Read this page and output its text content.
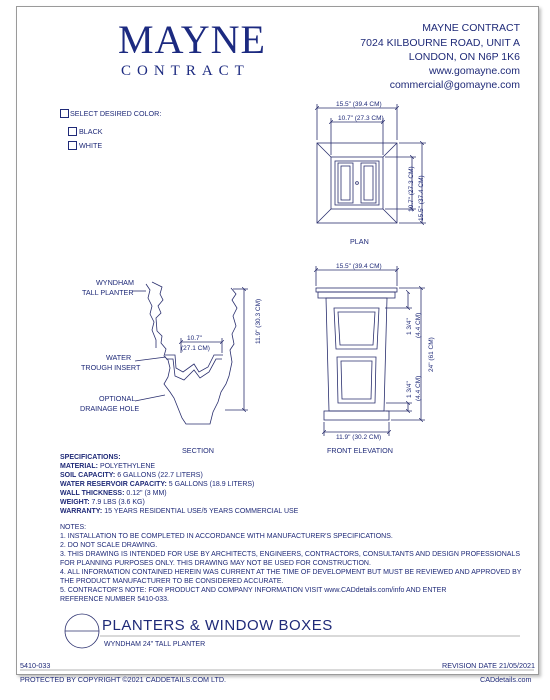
MAYNE
CONTRACT
MAYNE CONTRACT
7024 KILBOURNE ROAD, UNIT A
LONDON, ON N6P 1K6
www.gomayne.com
commercial@gomayne.com
SELECT DESIRED COLOR:
BLACK
WHITE
15.5" (39.4 CM)
10.7" (27.3 CM)
10.7" (27.3 CM) 15.5" (37.4 CM)
PLAN
WYNDHAM
TALL PLANTER
WATER
TROUGH INSERT
OPTIONAL
DRAINAGE HOLE
10.7"
(27.1 CM)
11.9" (30.3 CM)
SECTION
15.5" (39.4 CM)
11.9" (30.2 CM)
1 3/4" (4.4 CM)
1 3/4" (4.4 CM)
24" (61 CM)
FRONT ELEVATION
SPECIFICATIONS:
MATERIAL: POLYETHYLENE
SOIL CAPACITY: 6 GALLONS (22.7 LITERS)
WATER RESERVOIR CAPACITY: 5 GALLONS (18.9 LITERS)
WALL THICKNESS: 0.12" (3 MM)
WEIGHT: 7.9 LBS (3.6 KG)
WARRANTY: 15 YEARS RESIDENTIAL USE/5 YEARS COMMERCIAL USE
NOTES:
1. INSTALLATION TO BE COMPLETED IN ACCORDANCE WITH MANUFACTURER'S SPECIFICATIONS.
2. DO NOT SCALE DRAWING.
3. THIS DRAWING IS INTENDED FOR USE BY ARCHITECTS, ENGINEERS, CONTRACTORS, CONSULTANTS AND DESIGN PROFESSIONALS
FOR PLANNING PURPOSES ONLY. THIS DRAWING MAY NOT BE USED FOR CONSTRUCTION.
4. ALL INFORMATION CONTAINED HEREIN WAS CURRENT AT THE TIME OF DEVELOPMENT BUT MUST BE REVIEWED AND APPROVED BY
THE PRODUCT MANUFACTURER TO BE CONSIDERED ACCURATE.
5. CONTRACTOR'S NOTE: FOR PRODUCT AND COMPANY INFORMATION VISIT www.CADdetails.com/info AND ENTER
REFERENCE NUMBER 5410-033.
PLANTERS & WINDOW BOXES
WYNDHAM 24" TALL PLANTER
5410-033	REVISION DATE 21/05/2021
PROTECTED BY COPYRIGHT ©2021 CADDETAILS.COM LTD.	CADdetails.com
